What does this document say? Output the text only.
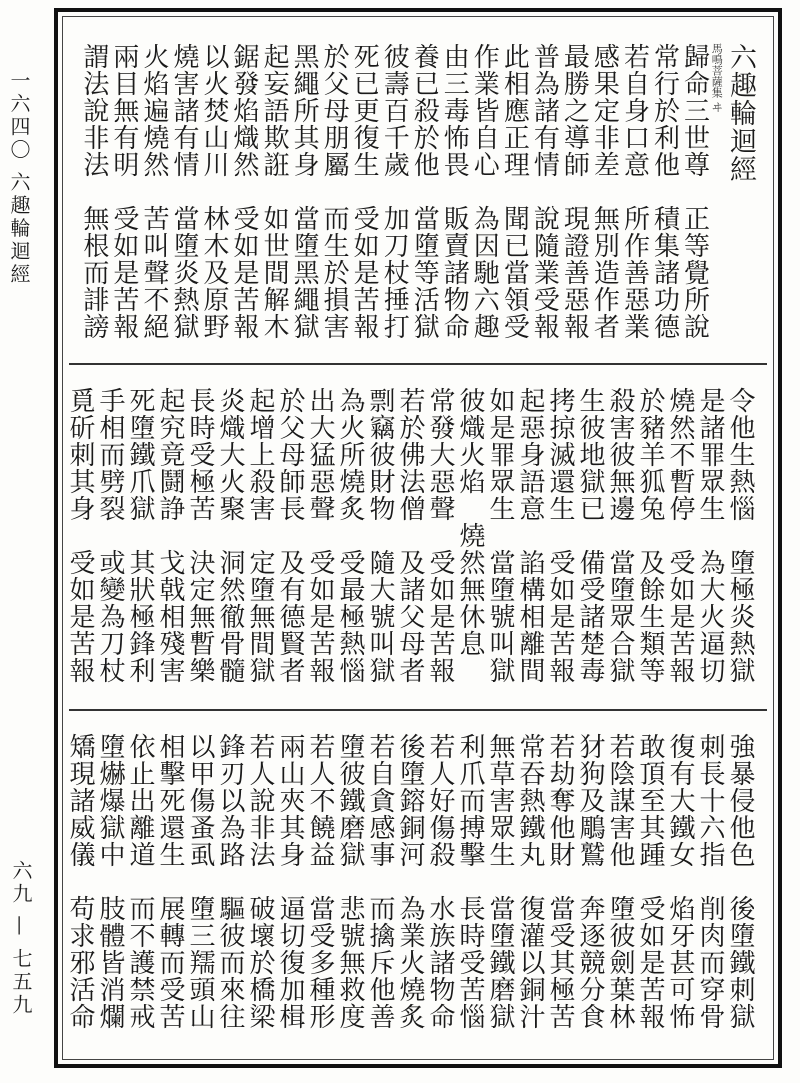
一六四〇 六趣輪迴經
六九 — 七五九
六趣輪迴經
馬鳴菩薩集 ヰ
歸命三世尊　正等覺所說
常行於利他　積集諸功德
若自身口意　所作善惡業
感果定非差　無別造作者
最勝之導師　現證善惡報
普為諸有情　說隨業受報
此相應正理　聞已當領受
作業皆自心　為因馳六趣
由三毒怖畏　販賣諸物命
養已殺於他　當墮等活獄
彼壽百千歲　加刀杖捶打
死已更復生　受如是苦報
於父母朋屬　而生於損害
黑繩所其身　當墮黑繩獄
起妄語欺誑　如世間解木
鋸發焰熾然　受如是苦報
以火焚山川　林木及原野
燒害諸有情　當墮炎熱獄
火焰遍燒然　苦叫聲不絕
兩目無有明　受如是苦報
謂法說非法　無根而誹謗
令他生熱惱　墮極炎熱獄
是諸罪眾生　為大火逼切
燒然不暫停　受如是苦報
於豬羊狐兔　及餘生類等
殺害彼無邊　當墮眾合獄
生彼地獄已　備受諸楚毒
拷掠滅還生　受如是苦報
起惡身語意　諂構相離間
如是罪眾生　當墮號叫獄
彼熾火焰　燒然無休息
常發大惡聲　受如是苦報
若於佛法僧　及諸父母者
剽竊彼財物　隨大號叫獄
為火所燒炙　受最極熱惱
出大猛惡聲　受如是苦報
於父母師長　及有德賢者
起增上殺害　定墮無間獄
炎熾大火聚　洞然徹骨髓
長時受極苦　決定無暫樂
起究竟鬪諍　戈戟相殘害
死墮鐵爪獄　其狀極鋒利
手相而劈裂　或變為刀杖
覓斫刺其身　受如是苦報
強暴侵他色　後墮鐵刺獄
刺長十六指　削肉而穿骨
復有大鐵女　焰牙甚可怖
敢頂至其踵　受如是苦報
若陰謀害他　墮彼劍葉林
犲狗及鵰鷲　奔逐競分食
若劫奪他財　當受其極苦
常吞熱鐵丸　復灌以銅汁
無草害眾生　當墮鐵磨獄
利爪而搏擊　長時受苦惱
若人好傷殺　水族諸物命
後墮鎔銅河　為業火燒炙
若自貪感事　而擒斥他善
墮彼鐵磨獄　悲號無救度
若人不饒益　當受多種形
兩山夾其身　逼切復加楫
若人說非法　破壞於橋梁
鋒刃以為路　驅彼而來往
以甲傷蚤虱　墮三羺頭山
相擊死還生　展轉而受苦
依止出離道　而不護禁戒
墮爀爆獄中　肢體皆消爛
矯現諸威儀　苟求邪活命
